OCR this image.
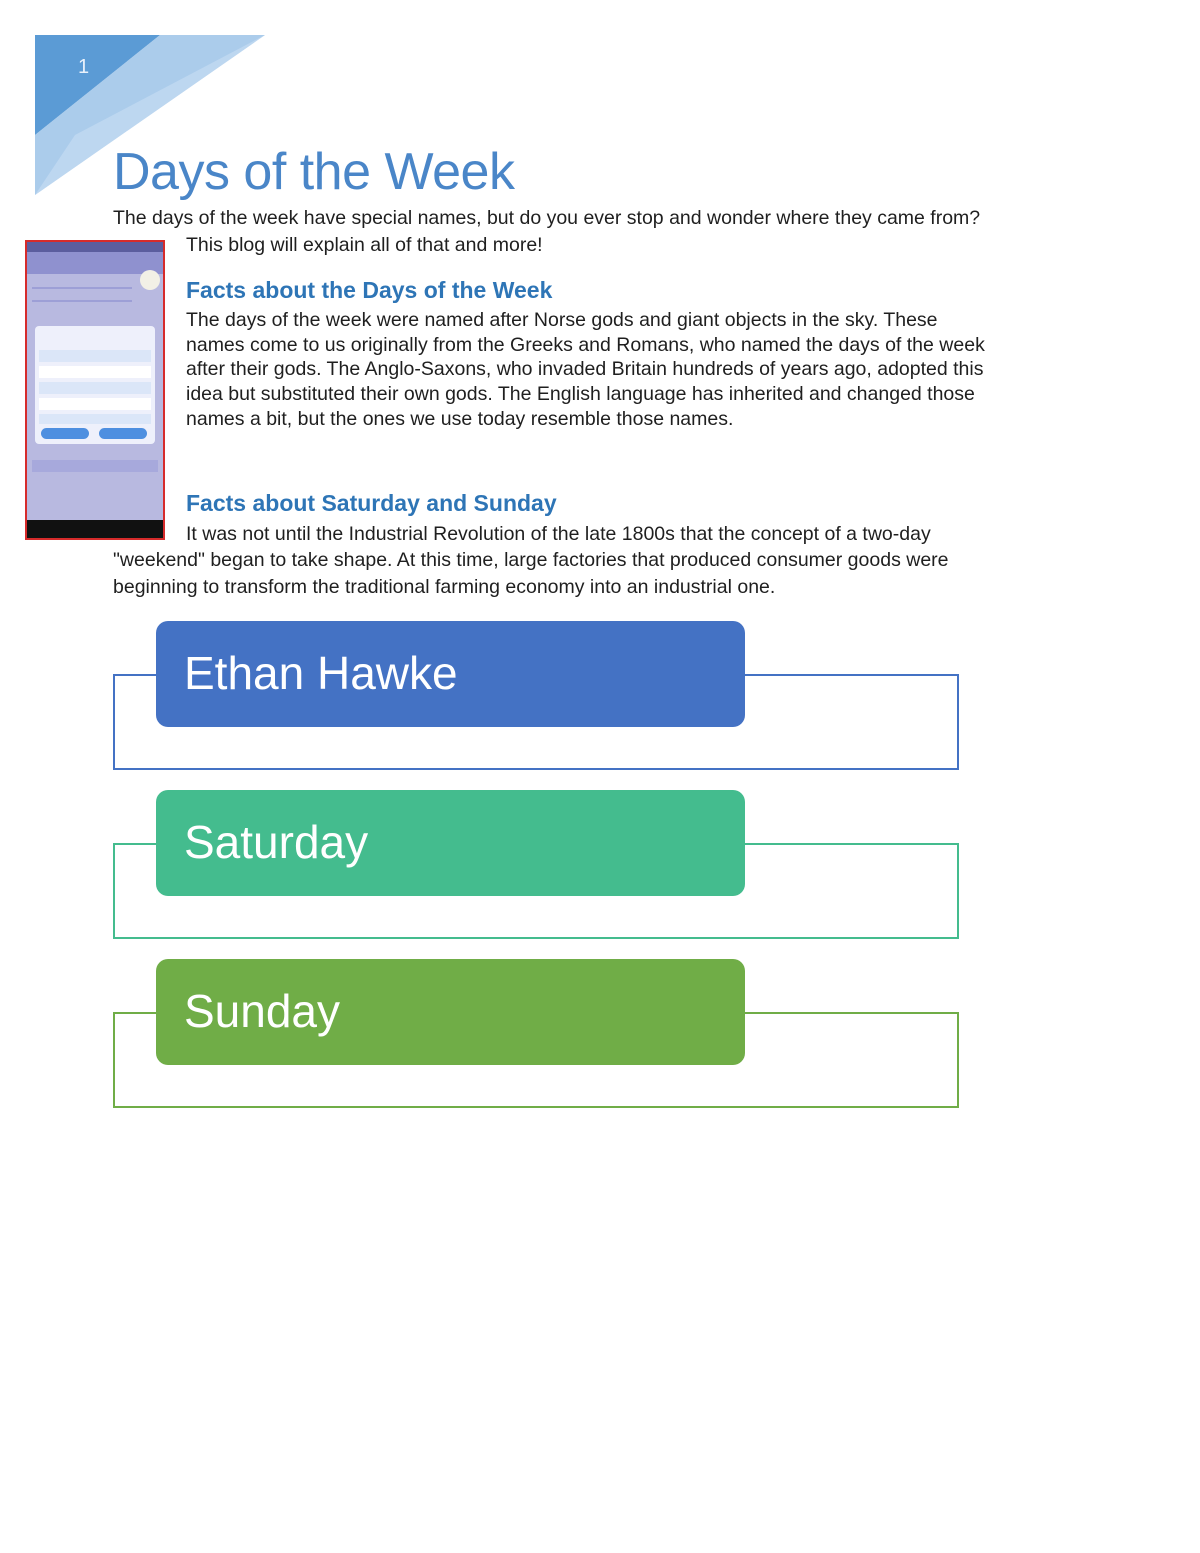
1
Days of the Week

The days of the week have special names, but do you ever stop and wonder where they came from?

This blog will explain all of that and more!

Facts about the Days of the Week

The days of the week were named after Norse gods and giant objects in the sky. These

names come to us originally from the Greeks and Romans, who named the days of the week

after their gods. The Anglo-Saxons, who invaded Britain hundreds of years ago, adopted this

idea but substituted their own gods. The English language has inherited and changed those

names a bit, but the ones we use today resemble those names.

Facts about Saturday and Sunday

It was not until the Industrial Revolution of the late 1800s that the concept of a two-day

"weekend" began to take shape. At this time, large factories that produced consumer goods were

beginning to transform the traditional farming economy into an industrial one.

Ethan Hawke
Saturday
Sunday
